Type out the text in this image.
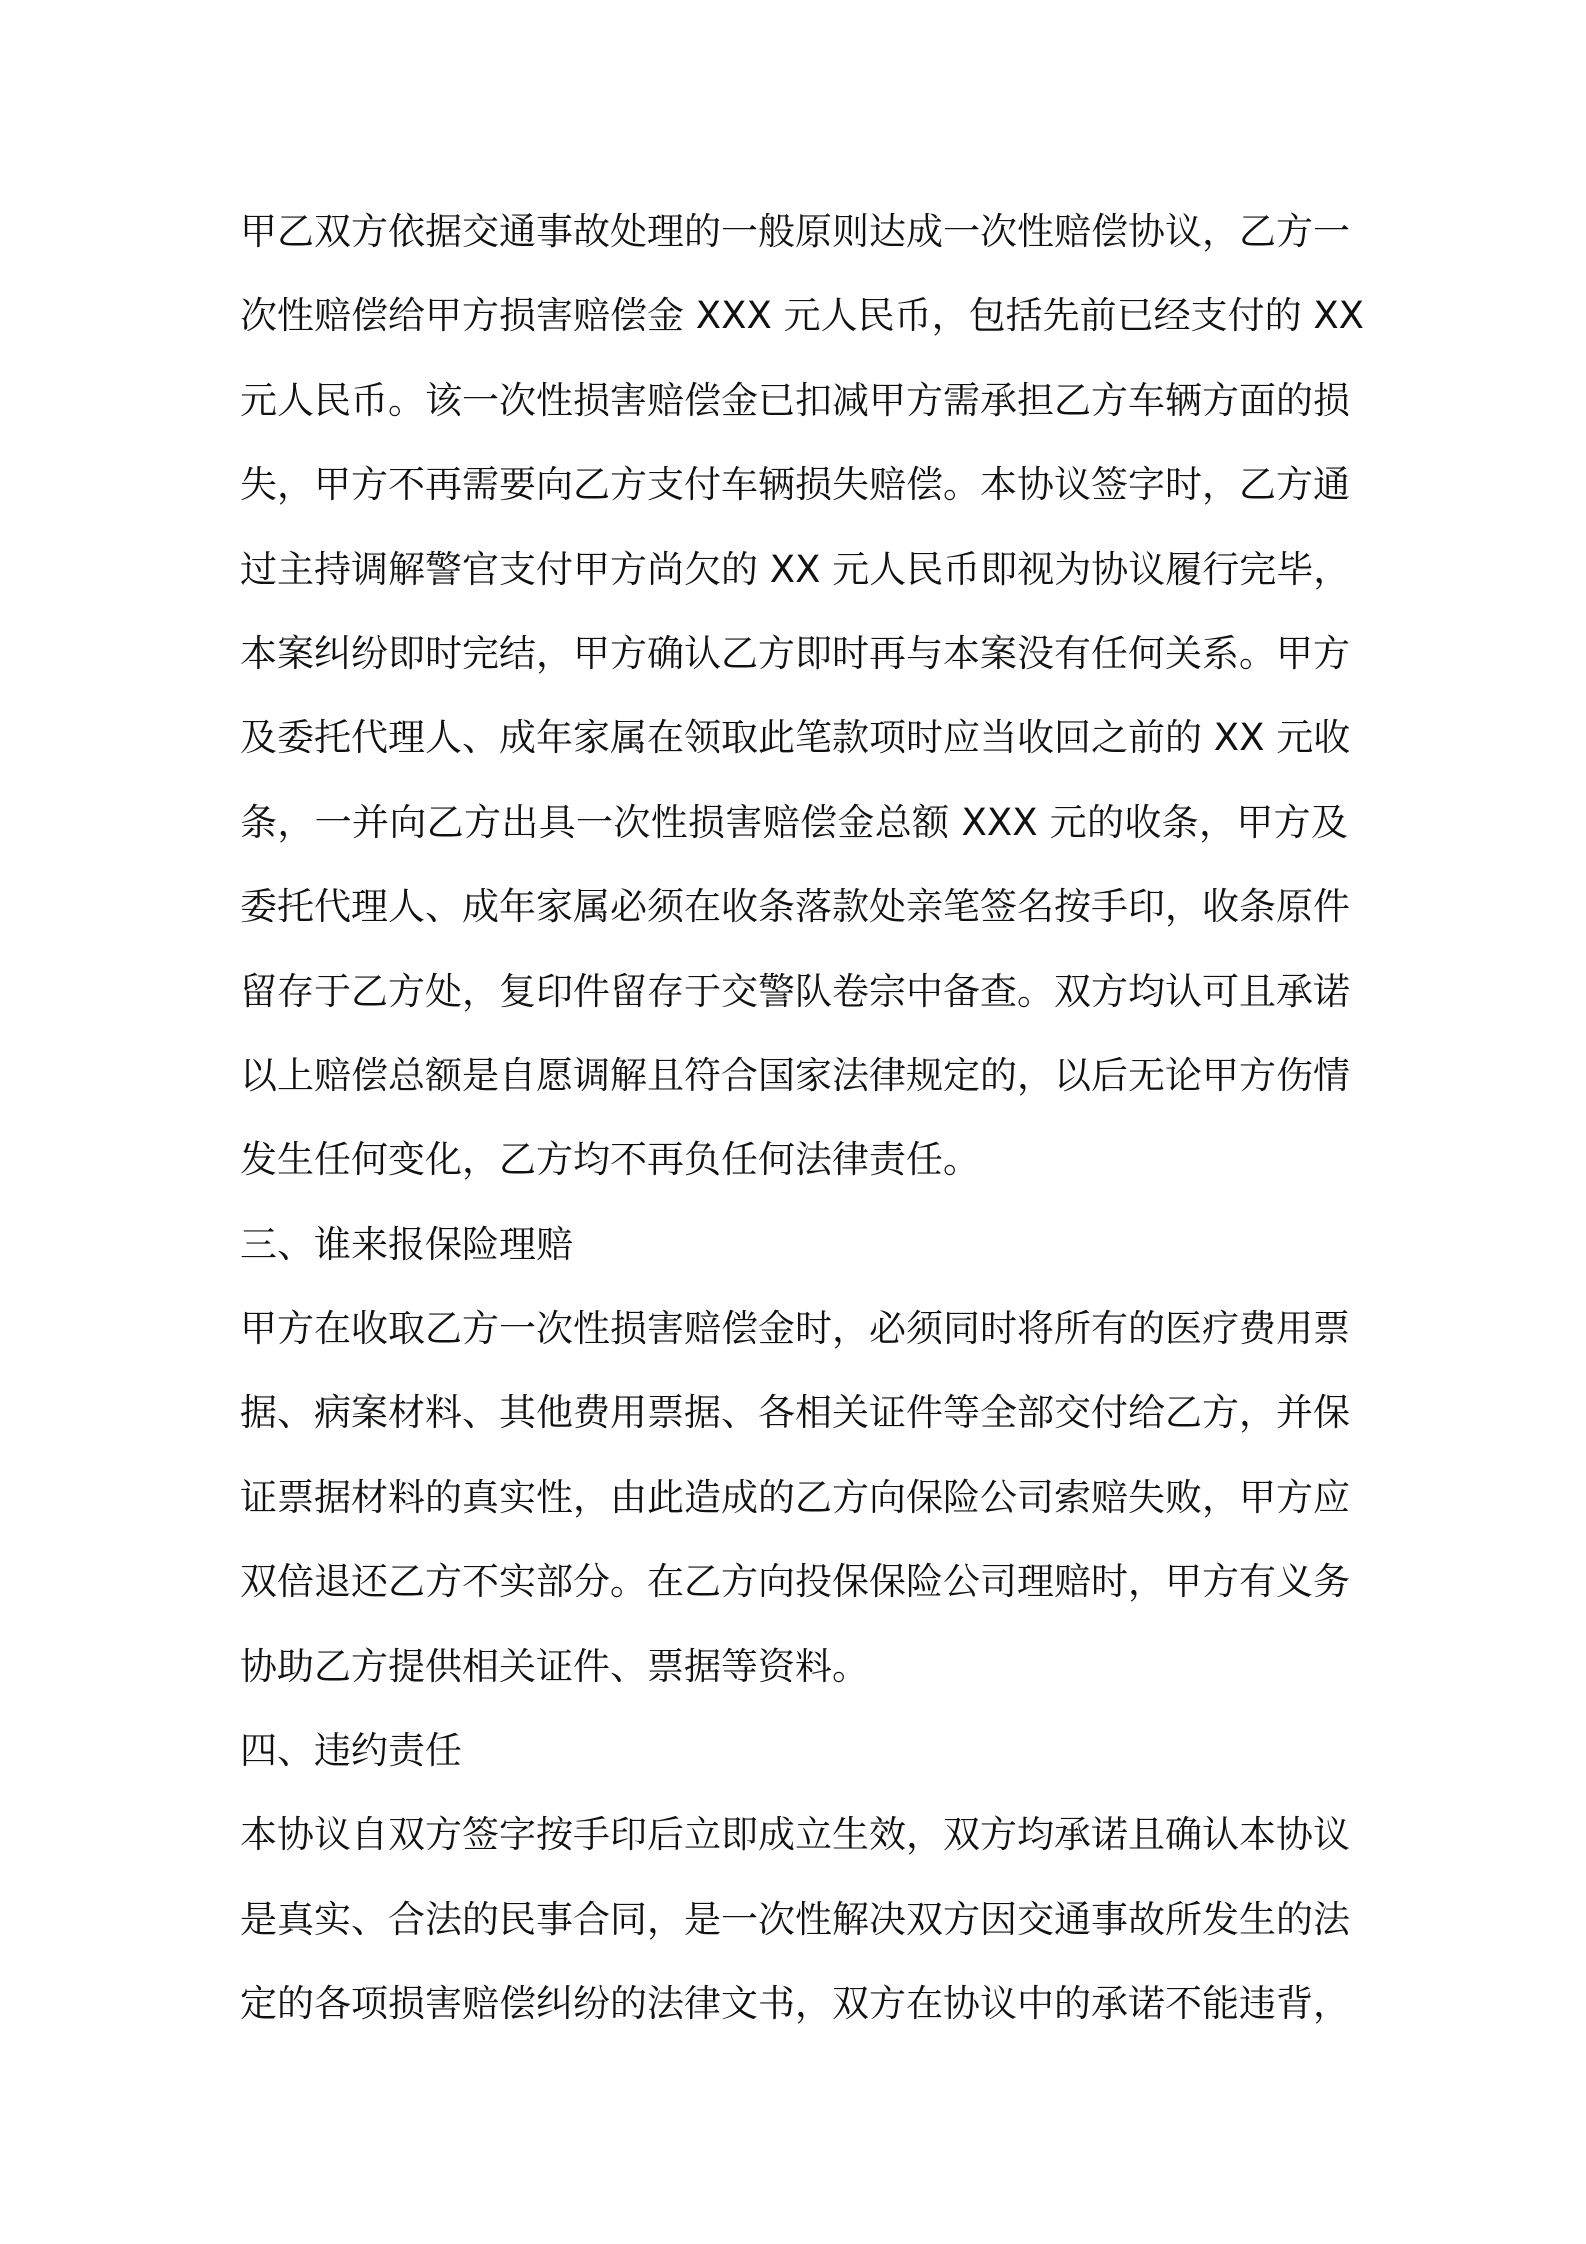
甲乙双方依据交通事故处理的一般原则达成一次性赔偿协议，乙方一
次性赔偿给甲方损害赔偿金 XXX 元人民币，包括先前已经支付的 XX
元人民币。该一次性损害赔偿金已扣减甲方需承担乙方车辆方面的损
失，甲方不再需要向乙方支付车辆损失赔偿。本协议签字时，乙方通
过主持调解警官支付甲方尚欠的 XX 元人民币即视为协议履行完毕，
本案纠纷即时完结，甲方确认乙方即时再与本案没有任何关系。甲方
及委托代理人、成年家属在领取此笔款项时应当收回之前的 XX 元收
条，一并向乙方出具一次性损害赔偿金总额 XXX 元的收条，甲方及
委托代理人、成年家属必须在收条落款处亲笔签名按手印，收条原件
留存于乙方处，复印件留存于交警队卷宗中备查。双方均认可且承诺
以上赔偿总额是自愿调解且符合国家法律规定的，以后无论甲方伤情
发生任何变化，乙方均不再负任何法律责任。
三、谁来报保险理赔
甲方在收取乙方一次性损害赔偿金时，必须同时将所有的医疗费用票
据、病案材料、其他费用票据、各相关证件等全部交付给乙方，并保
证票据材料的真实性，由此造成的乙方向保险公司索赔失败，甲方应
双倍退还乙方不实部分。在乙方向投保保险公司理赔时，甲方有义务
协助乙方提供相关证件、票据等资料。
四、违约责任
本协议自双方签字按手印后立即成立生效，双方均承诺且确认本协议
是真实、合法的民事合同，是一次性解决双方因交通事故所发生的法
定的各项损害赔偿纠纷的法律文书，双方在协议中的承诺不能违背，
